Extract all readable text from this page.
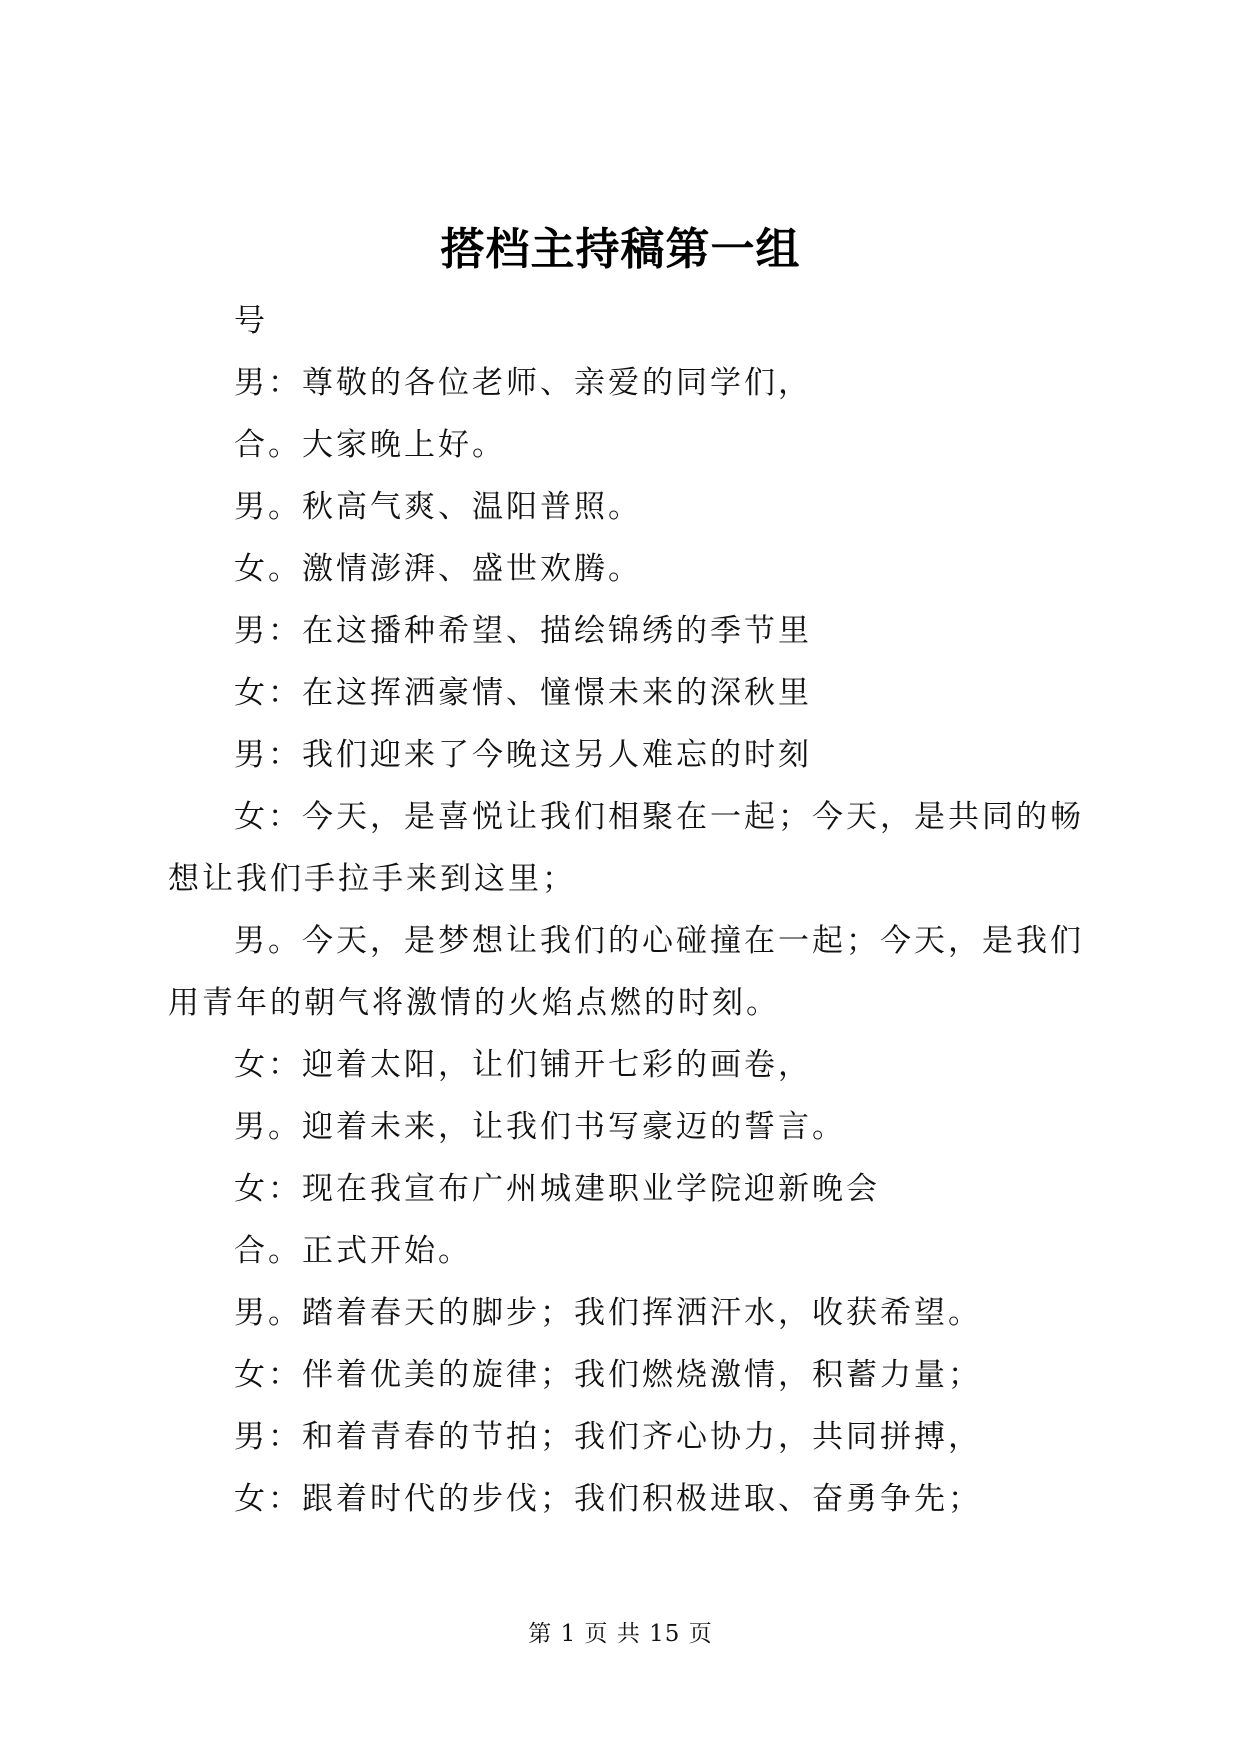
搭档主持稿第一组

号

男：尊敬的各位老师、亲爱的同学们，

合。大家晚上好。

男。秋高气爽、温阳普照。

女。激情澎湃、盛世欢腾。

男：在这播种希望、描绘锦绣的季节里

女：在这挥洒豪情、憧憬未来的深秋里

男：我们迎来了今晚这另人难忘的时刻

女：今天，是喜悦让我们相聚在一起；今天，是共同的畅想让我们手拉手来到这里；

男。今天，是梦想让我们的心碰撞在一起；今天，是我们用青年的朝气将激情的火焰点燃的时刻。

女：迎着太阳，让们铺开七彩的画卷，

男。迎着未来，让我们书写豪迈的誓言。

女：现在我宣布广州城建职业学院迎新晚会

合。正式开始。

男。踏着春天的脚步；我们挥洒汗水，收获希望。

女：伴着优美的旋律；我们燃烧激情，积蓄力量；

男：和着青春的节拍；我们齐心协力，共同拼搏，

女：跟着时代的步伐；我们积极进取、奋勇争先；

第 1 页 共 15 页
